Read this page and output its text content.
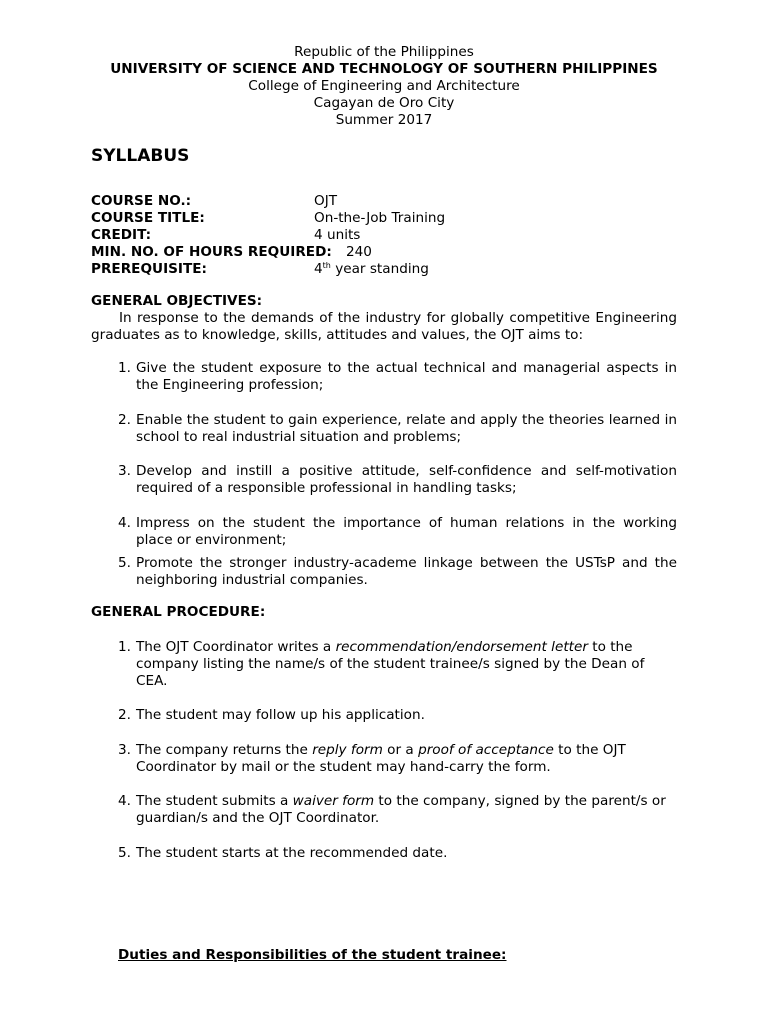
Republic of the Philippines
UNIVERSITY OF SCIENCE AND TECHNOLOGY OF SOUTHERN PHILIPPINES
College of Engineering and Architecture
Cagayan de Oro City
Summer 2017
SYLLABUS
COURSE NO.:	OJT
COURSE TITLE:	On-the-Job Training
CREDIT:	4 units
MIN. NO. OF HOURS REQUIRED: 240
PREREQUISITE:	4th year standing
GENERAL OBJECTIVES:
In response to the demands of the industry for globally competitive Engineering graduates as to knowledge, skills, attitudes and values, the OJT aims to:
1. Give the student exposure to the actual technical and managerial aspects in the Engineering profession;
2. Enable the student to gain experience, relate and apply the theories learned in school to real industrial situation and problems;
3. Develop and instill a positive attitude, self-confidence and self-motivation required of a responsible professional in handling tasks;
4. Impress on the student the importance of human relations in the working place or environment;
5. Promote the stronger industry-academe linkage between the USTsP and the neighboring industrial companies.
GENERAL PROCEDURE:
1. The OJT Coordinator writes a recommendation/endorsement letter to the company listing the name/s of the student trainee/s signed by the Dean of CEA.
2. The student may follow up his application.
3. The company returns the reply form or a proof of acceptance to the OJT Coordinator by mail or the student may hand-carry the form.
4. The student submits a waiver form to the company, signed by the parent/s or guardian/s and the OJT Coordinator.
5. The student starts at the recommended date.
Duties and Responsibilities of the student trainee:
